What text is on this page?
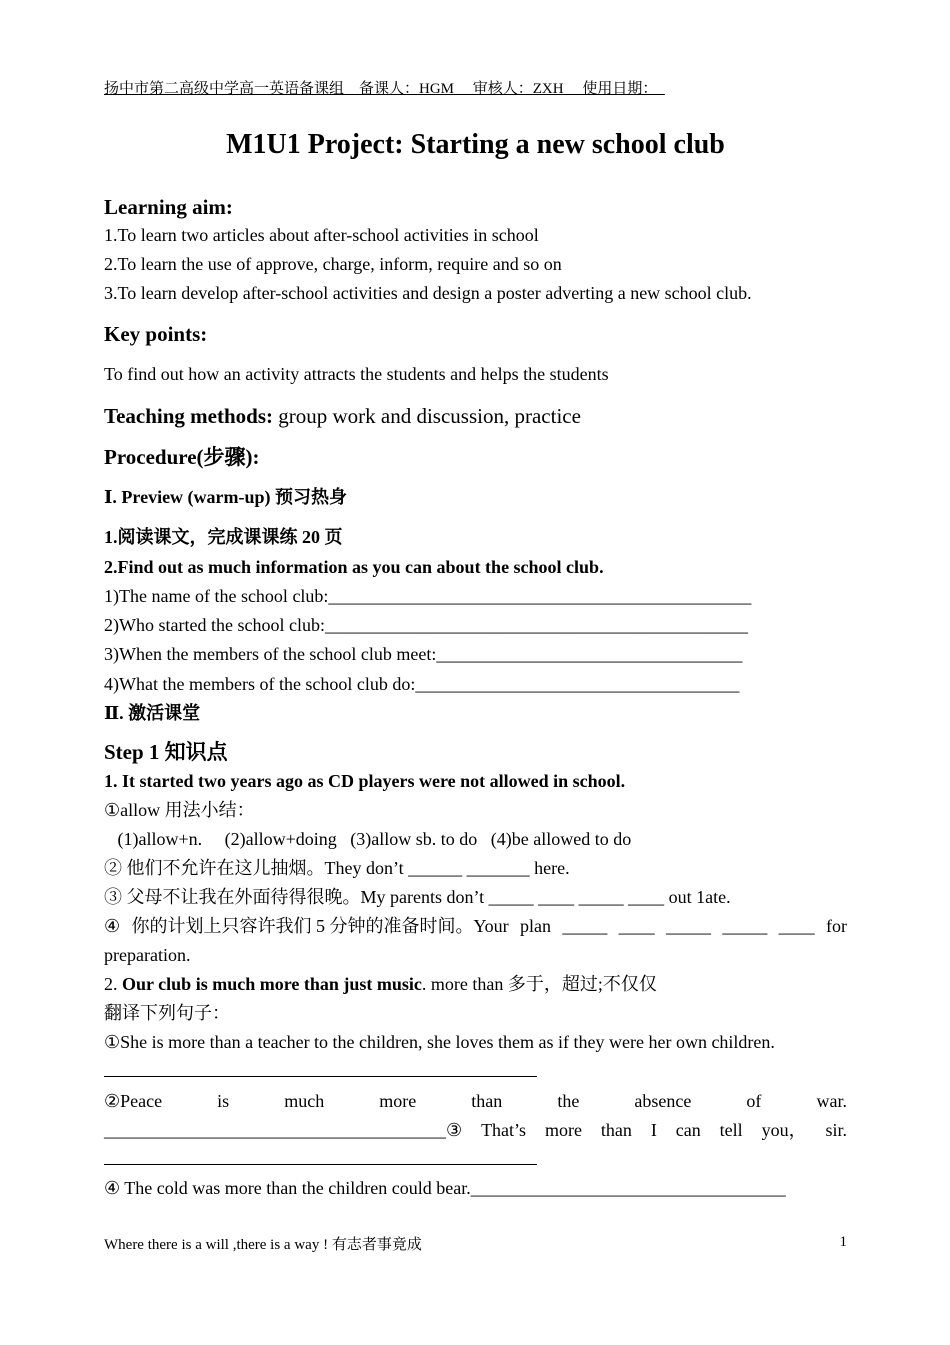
扬中市第二高级中学高一英语备课组　备课人：HGM　 审核人：ZXH　 使用日期：　
M1U1 Project: Starting a new school club
Learning aim:
1.To learn two articles about after-school activities in school
2.To learn the use of approve, charge, inform, require and so on
3.To learn develop after-school activities and design a poster adverting a new school club.
Key points:
To find out how an activity attracts the students and helps the students
Teaching methods: group work and discussion, practice
Procedure(步骤):
Ⅰ. Preview (warm-up) 预习热身
1.阅读课文，完成课课练 20 页
2.Find out as much information as you can about the school club.
1)The name of the school club:_______________________________________________
2)Who started the school club:_______________________________________________
3)When the members of the school club meet:__________________________________
4)What the members of the school club do:____________________________________
Ⅱ. 激活课堂
Step 1 知识点
1. It started two years ago as CD players were not allowed in school.
①allow 用法小结：
(1)allow+n.     (2)allow+doing   (3)allow sb. to do   (4)be allowed to do
② 他们不允许在这儿抽烟。They don’t ______ _______ here.
③ 父母不让我在外面待得很晚。My parents don’t _____ ____ _____ ____ out 1ate.
④ 你的计划上只容许我们 5 分钟的准备时间。Your plan _____ ____ _____ _____ ____ for
preparation.
2. Our club is much more than just music. more than 多于，超过;不仅仅
翻译下列句子：
①She is more than a teacher to the children, she loves them as if they were her own children.
②Peace	is	much	more	than	the	absence	of	war.
______________________________________③ That’s more than I can tell you， sir.
④ The cold was more than the children could bear.___________________________________
Where there is a will ,there is a way ! 有志者事竟成	1
